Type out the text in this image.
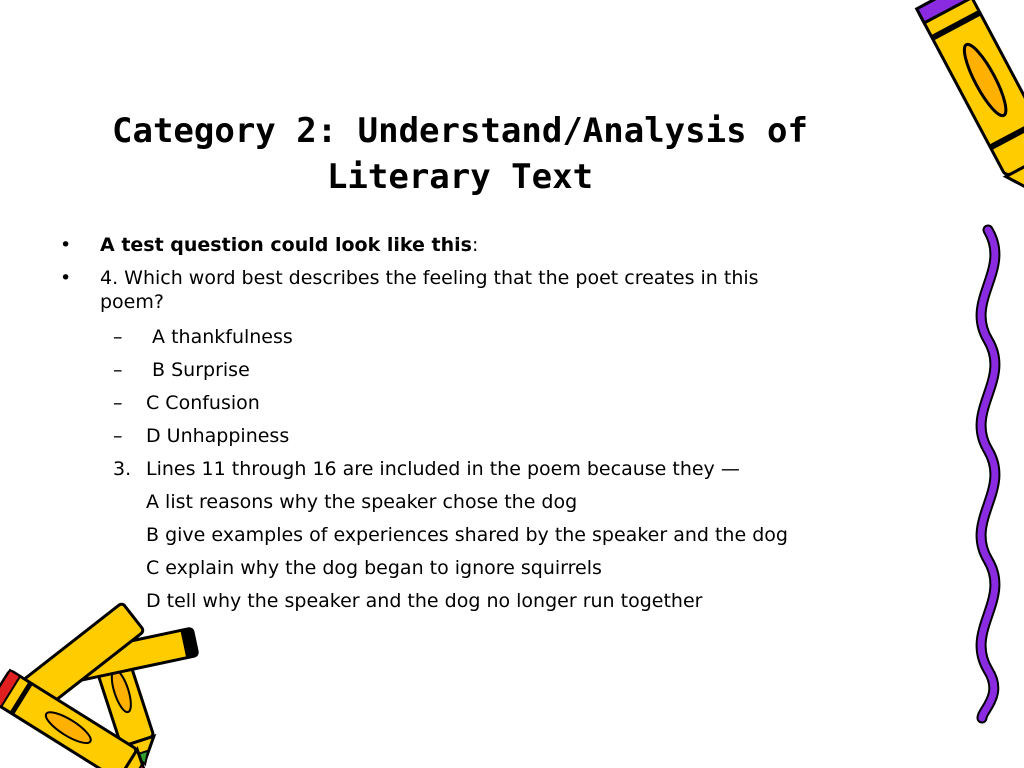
Category 2: Understand/Analysis of
Literary Text
• A test question could look like this:
• 4. Which word best describes the feeling that the poet creates in this
poem?
– A thankfulness
– B Surprise
– C Confusion
– D Unhappiness
3. Lines 11 through 16 are included in the poem because they —
A list reasons why the speaker chose the dog
B give examples of experiences shared by the speaker and the dog
C explain why the dog began to ignore squirrels
D tell why the speaker and the dog no longer run together
